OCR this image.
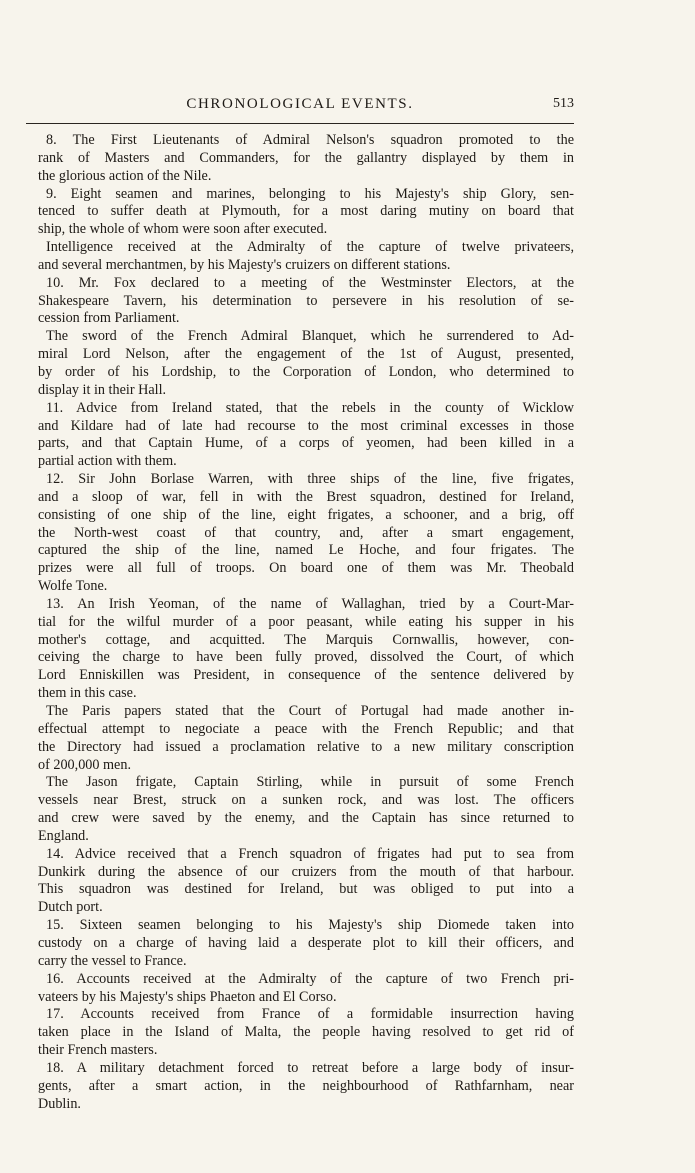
CHRONOLOGICAL EVENTS.	513
8. The First Lieutenants of Admiral Nelson's squadron promoted to the
rank of Masters and Commanders, for the gallantry displayed by them in
the glorious action of the Nile.
9. Eight seamen and marines, belonging to his Majesty's ship Glory, sen-
tenced to suffer death at Plymouth, for a most daring mutiny on board that
ship, the whole of whom were soon after executed.
Intelligence received at the Admiralty of the capture of twelve privateers,
and several merchantmen, by his Majesty's cruizers on different stations.
10. Mr. Fox declared to a meeting of the Westminster Electors, at the
Shakespeare Tavern, his determination to persevere in his resolution of se-
cession from Parliament.
The sword of the French Admiral Blanquet, which he surrendered to Ad-
miral Lord Nelson, after the engagement of the 1st of August, presented,
by order of his Lordship, to the Corporation of London, who determined to
display it in their Hall.
11. Advice from Ireland stated, that the rebels in the county of Wicklow
and Kildare had of late had recourse to the most criminal excesses in those
parts, and that Captain Hume, of a corps of yeomen, had been killed in a
partial action with them.
12. Sir John Borlase Warren, with three ships of the line, five frigates,
and a sloop of war, fell in with the Brest squadron, destined for Ireland,
consisting of one ship of the line, eight frigates, a schooner, and a brig, off
the North-west coast of that country, and, after a smart engagement,
captured the ship of the line, named Le Hoche, and four frigates. The
prizes were all full of troops. On board one of them was Mr. Theobald
Wolfe Tone.
13. An Irish Yeoman, of the name of Wallaghan, tried by a Court-Mar-
tial for the wilful murder of a poor peasant, while eating his supper in his
mother's cottage, and acquitted. The Marquis Cornwallis, however, con-
ceiving the charge to have been fully proved, dissolved the Court, of which
Lord Enniskillen was President, in consequence of the sentence delivered by
them in this case.
The Paris papers stated that the Court of Portugal had made another in-
effectual attempt to negociate a peace with the French Republic; and that
the Directory had issued a proclamation relative to a new military conscription
of 200,000 men.
The Jason frigate, Captain Stirling, while in pursuit of some French
vessels near Brest, struck on a sunken rock, and was lost. The officers
and crew were saved by the enemy, and the Captain has since returned to
England.
14. Advice received that a French squadron of frigates had put to sea from
Dunkirk during the absence of our cruizers from the mouth of that harbour.
This squadron was destined for Ireland, but was obliged to put into a
Dutch port.
15. Sixteen seamen belonging to his Majesty's ship Diomede taken into
custody on a charge of having laid a desperate plot to kill their officers, and
carry the vessel to France.
16. Accounts received at the Admiralty of the capture of two French pri-
vateers by his Majesty's ships Phaeton and El Corso.
17. Accounts received from France of a formidable insurrection having
taken place in the Island of Malta, the people having resolved to get rid of
their French masters.
18. A military detachment forced to retreat before a large body of insur-
gents, after a smart action, in the neighbourhood of Rathfarnham, near
Dublin.
